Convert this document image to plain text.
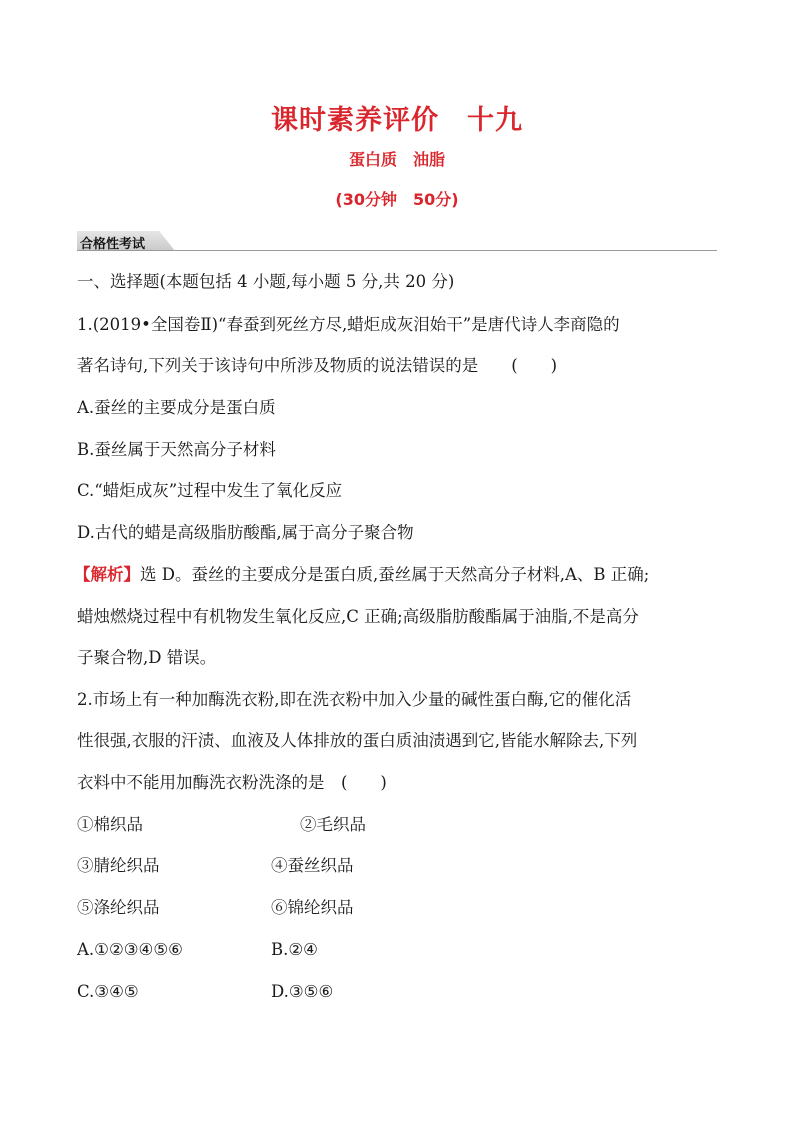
课时素养评价　十九
蛋白质　油脂
(30分钟　50分)
合格性考试
一、选择题(本题包括 4 小题,每小题 5 分,共 20 分)
1.(2019•全国卷Ⅱ)“春蚕到死丝方尽,蜡炬成灰泪始干”是唐代诗人李商隐的
著名诗句,下列关于该诗句中所涉及物质的说法错误的是　　(　　)
A.蚕丝的主要成分是蛋白质
B.蚕丝属于天然高分子材料
C.“蜡炬成灰”过程中发生了氧化反应
D.古代的蜡是高级脂肪酸酯,属于高分子聚合物
【解析】选 D。蚕丝的主要成分是蛋白质,蚕丝属于天然高分子材料,A、B 正确;
蜡烛燃烧过程中有机物发生氧化反应,C 正确;高级脂肪酸酯属于油脂,不是高分
子聚合物,D 错误。
2.市场上有一种加酶洗衣粉,即在洗衣粉中加入少量的碱性蛋白酶,它的催化活
性很强,衣服的汗渍、血液及人体排放的蛋白质油渍遇到它,皆能水解除去,下列
衣料中不能用加酶洗衣粉洗涤的是　(　　)
①棉织品	②毛织品
③腈纶织品	④蚕丝织品
⑤涤纶织品	⑥锦纶织品
A.①②③④⑤⑥	B.②④
C.③④⑤	D.③⑤⑥
